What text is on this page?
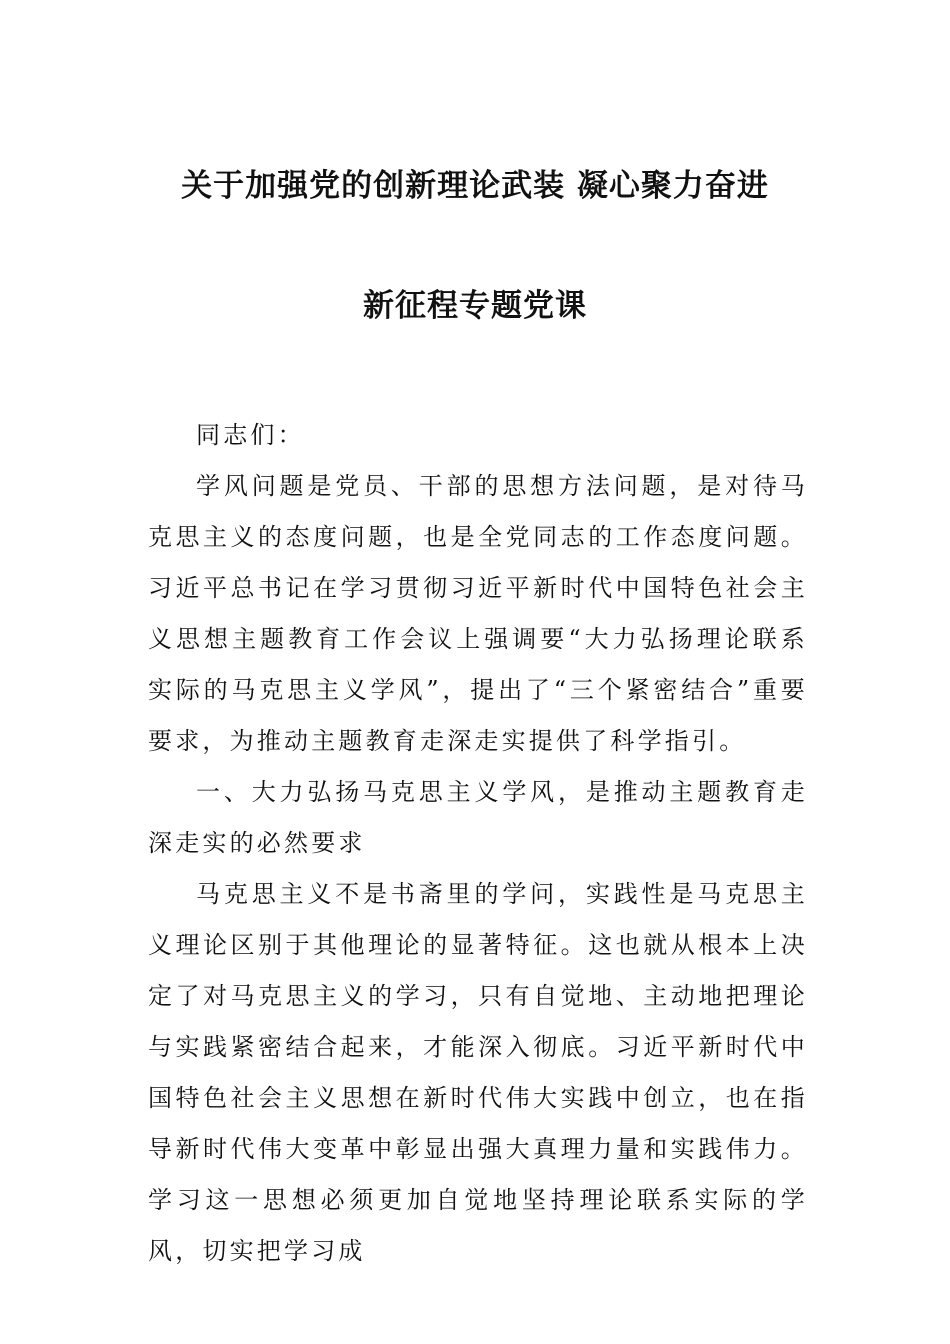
关于加强党的创新理论武装 凝心聚力奋进
新征程专题党课

同志们：

学风问题是党员、干部的思想方法问题，是对待马克思主义的态度问题，也是全党同志的工作态度问题。习近平总书记在学习贯彻习近平新时代中国特色社会主义思想主题教育工作会议上强调要“大力弘扬理论联系实际的马克思主义学风”，提出了“三个紧密结合”重要要求，为推动主题教育走深走实提供了科学指引。

一、大力弘扬马克思主义学风，是推动主题教育走深走实的必然要求

马克思主义不是书斋里的学问，实践性是马克思主义理论区别于其他理论的显著特征。这也就从根本上决定了对马克思主义的学习，只有自觉地、主动地把理论与实践紧密结合起来，才能深入彻底。习近平新时代中国特色社会主义思想在新时代伟大实践中创立，也在指导新时代伟大变革中彰显出强大真理力量和实践伟力。学习这一思想必须更加自觉地坚持理论联系实际的学风，切实把学习成
